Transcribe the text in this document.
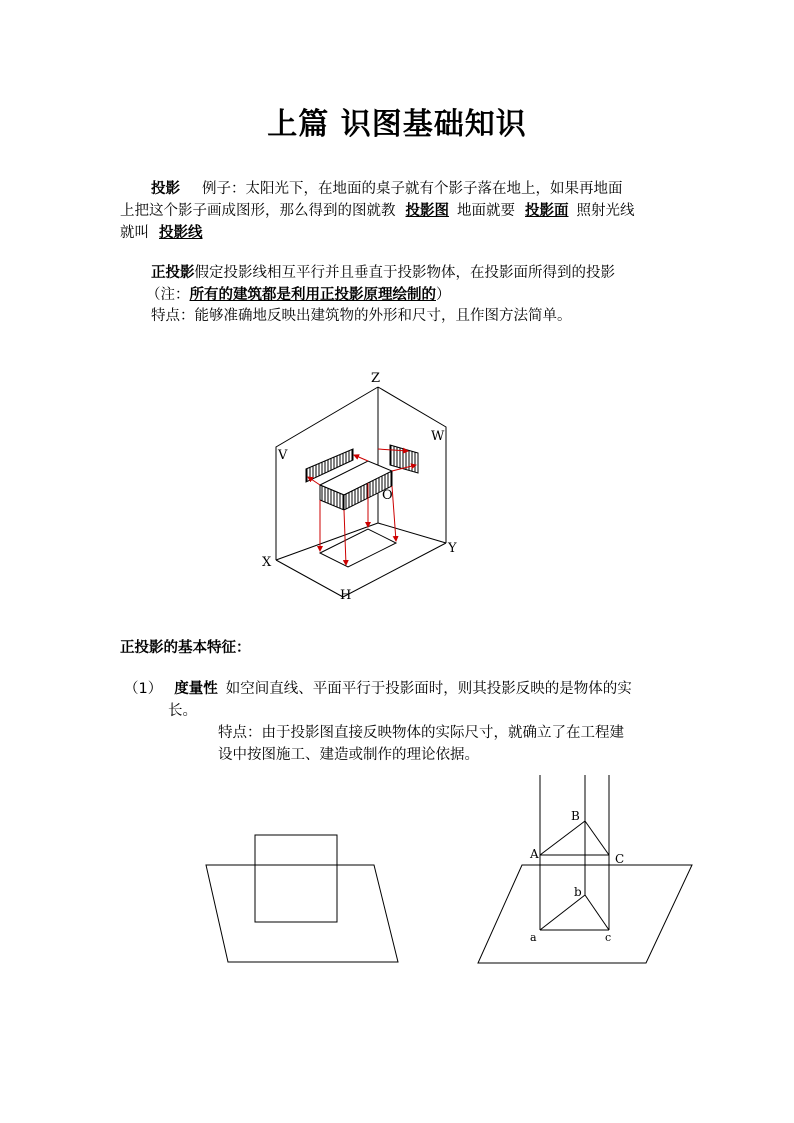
上篇 识图基础知识
投影 例子：太阳光下，在地面的桌子就有个影子落在地上，如果再地面
上把这个影子画成图形，那么得到的图就教 投影图 地面就要 投影面 照射光线
就叫 投影线
正投影假定投影线相互平行并且垂直于投影物体，在投影面所得到的投影
（注：所有的建筑都是利用正投影原理绘制的）
特点：能够准确地反映出建筑物的外形和尺寸，且作图方法简单。
Z
W
V
O
X
Y
H
正投影的基本特征：
（1） 度量性 如空间直线、平面平行于投影面时，则其投影反映的是物体的实
长。
特点：由于投影图直接反映物体的实际尺寸，就确立了在工程建
设中按图施工、建造或制作的理论依据。
B
A	C
b
a	c
